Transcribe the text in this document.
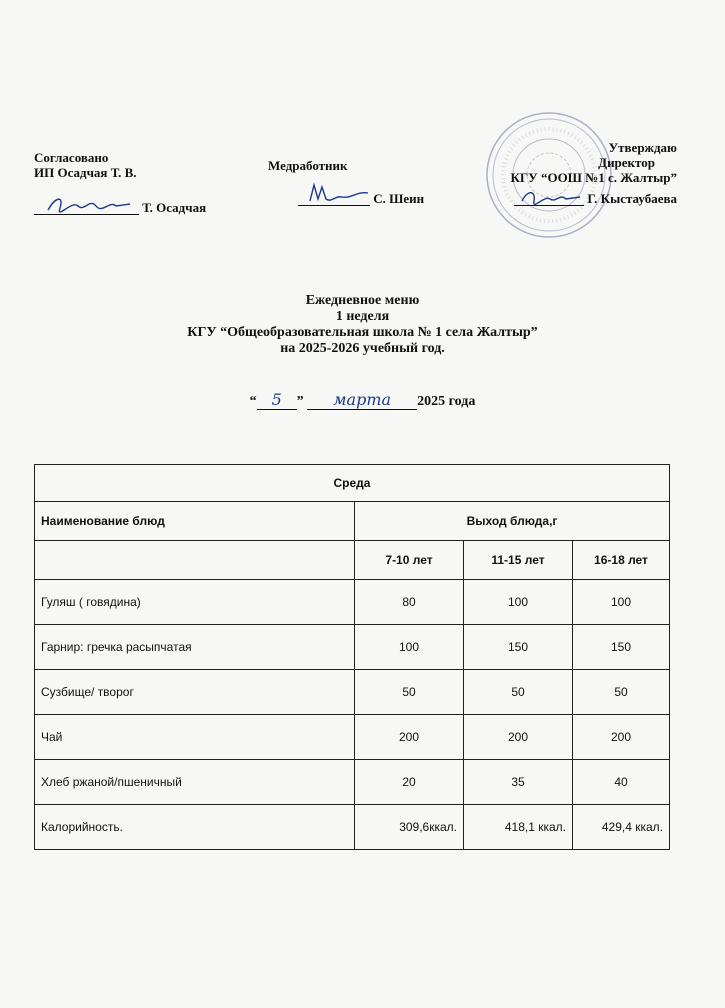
Согласовано
ИП Осадчая Т. В.
Т. Осадчая
Медработник
С. Шеин
Утверждаю
Директор
КГУ “ООШ №1 с. Жалтыр”
Г. Кыстаубаева
Ежедневное меню
1 неделя
КГУ “Общеобразовательная школа № 1 села Жалтыр”
на 2025-2026 учебный год.
“ 5 ” марта 2025 года
Среда			
Наименование блюд	Выход блюда,г		
	7-10 лет	11-15 лет	16-18 лет
Гуляш ( говядина)	80	100	100
Гарнир: гречка расыпчатая	100	150	150
Сузбище/ творог	50	50	50
Чай	200	200	200
Хлеб ржаной/пшеничный	20	35	40
Калорийность.	309,6ккал.	418,1 ккал.	429,4 ккал.
